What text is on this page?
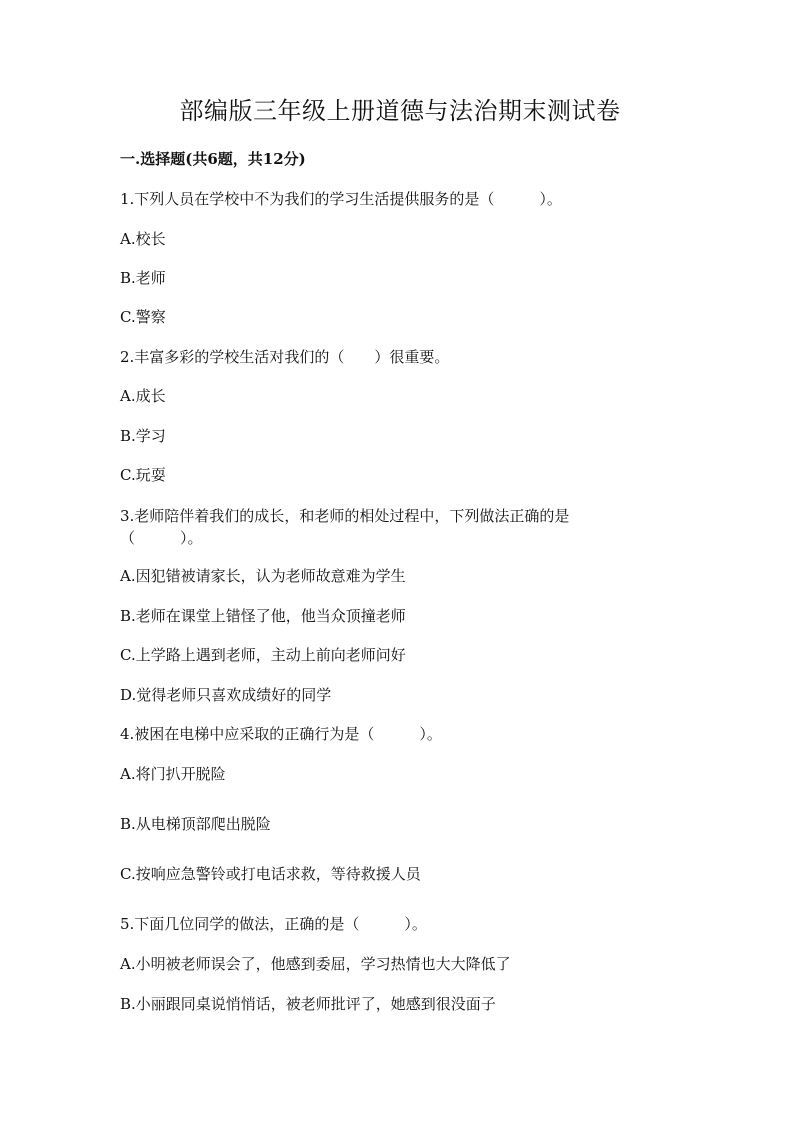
部编版三年级上册道德与法治期末测试卷
一.选择题(共6题，共12分)
1.下列人员在学校中不为我们的学习生活提供服务的是（　　　）。
A.校长
B.老师
C.警察
2.丰富多彩的学校生活对我们的（　　）很重要。
A.成长
B.学习
C.玩耍
3.老师陪伴着我们的成长，和老师的相处过程中，下列做法正确的是（　　　）。
A.因犯错被请家长，认为老师故意难为学生
B.老师在课堂上错怪了他，他当众顶撞老师
C.上学路上遇到老师，主动上前向老师问好
D.觉得老师只喜欢成绩好的同学
4.被困在电梯中应采取的正确行为是（　　　）。
A.将门扒开脱险
B.从电梯顶部爬出脱险
C.按响应急警铃或打电话求救，等待救援人员
5.下面几位同学的做法，正确的是（　　　）。
A.小明被老师误会了，他感到委屈，学习热情也大大降低了
B.小丽跟同桌说悄悄话，被老师批评了，她感到很没面子
